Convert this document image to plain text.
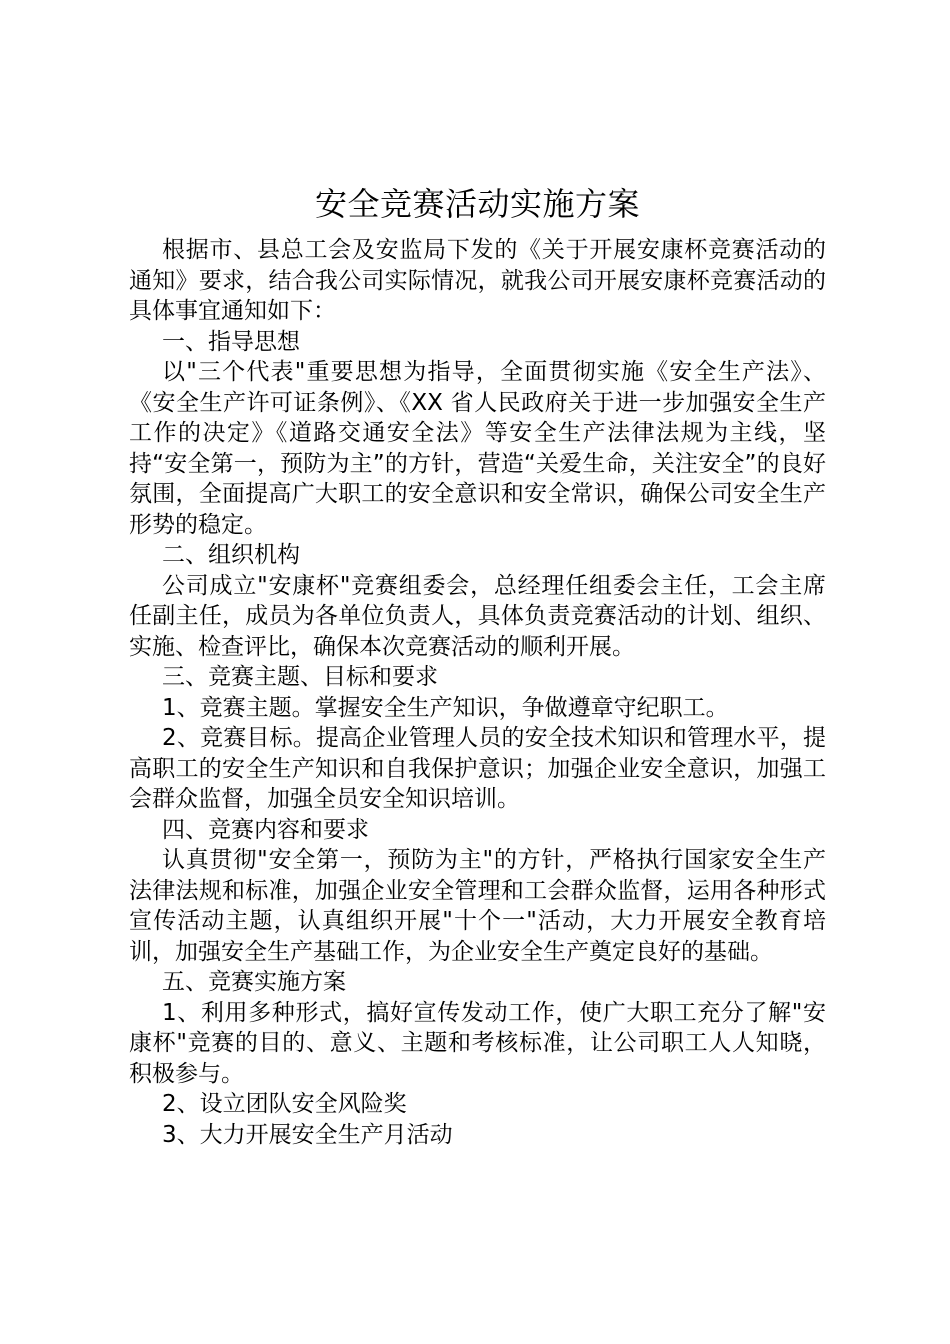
安全竞赛活动实施方案

根据市、县总工会及安监局下发的《关于开展安康杯竞赛活动的通知》要求，结合我公司实际情况，就我公司开展安康杯竞赛活动的具体事宜通知如下：

一、指导思想

以"三个代表"重要思想为指导，全面贯彻实施《安全生产法》、《安全生产许可证条例》、《XX 省人民政府关于进一步加强安全生产工作的决定》《道路交通安全法》等安全生产法律法规为主线，坚持“安全第一，预防为主”的方针，营造“关爱生命，关注安全”的良好氛围，全面提高广大职工的安全意识和安全常识，确保公司安全生产形势的稳定。

二、组织机构

公司成立"安康杯"竞赛组委会，总经理任组委会主任，工会主席任副主任，成员为各单位负责人，具体负责竞赛活动的计划、组织、实施、检查评比，确保本次竞赛活动的顺利开展。

三、竞赛主题、目标和要求

1、竞赛主题。掌握安全生产知识，争做遵章守纪职工。

2、竞赛目标。提高企业管理人员的安全技术知识和管理水平，提高职工的安全生产知识和自我保护意识；加强企业安全意识，加强工会群众监督，加强全员安全知识培训。

四、竞赛内容和要求

认真贯彻"安全第一，预防为主"的方针，严格执行国家安全生产法律法规和标准，加强企业安全管理和工会群众监督，运用各种形式宣传活动主题，认真组织开展"十个一"活动，大力开展安全教育培训，加强安全生产基础工作，为企业安全生产奠定良好的基础。

五、竞赛实施方案

1、利用多种形式，搞好宣传发动工作，使广大职工充分了解"安康杯"竞赛的目的、意义、主题和考核标准，让公司职工人人知晓，积极参与。

2、设立团队安全风险奖

3、大力开展安全生产月活动
